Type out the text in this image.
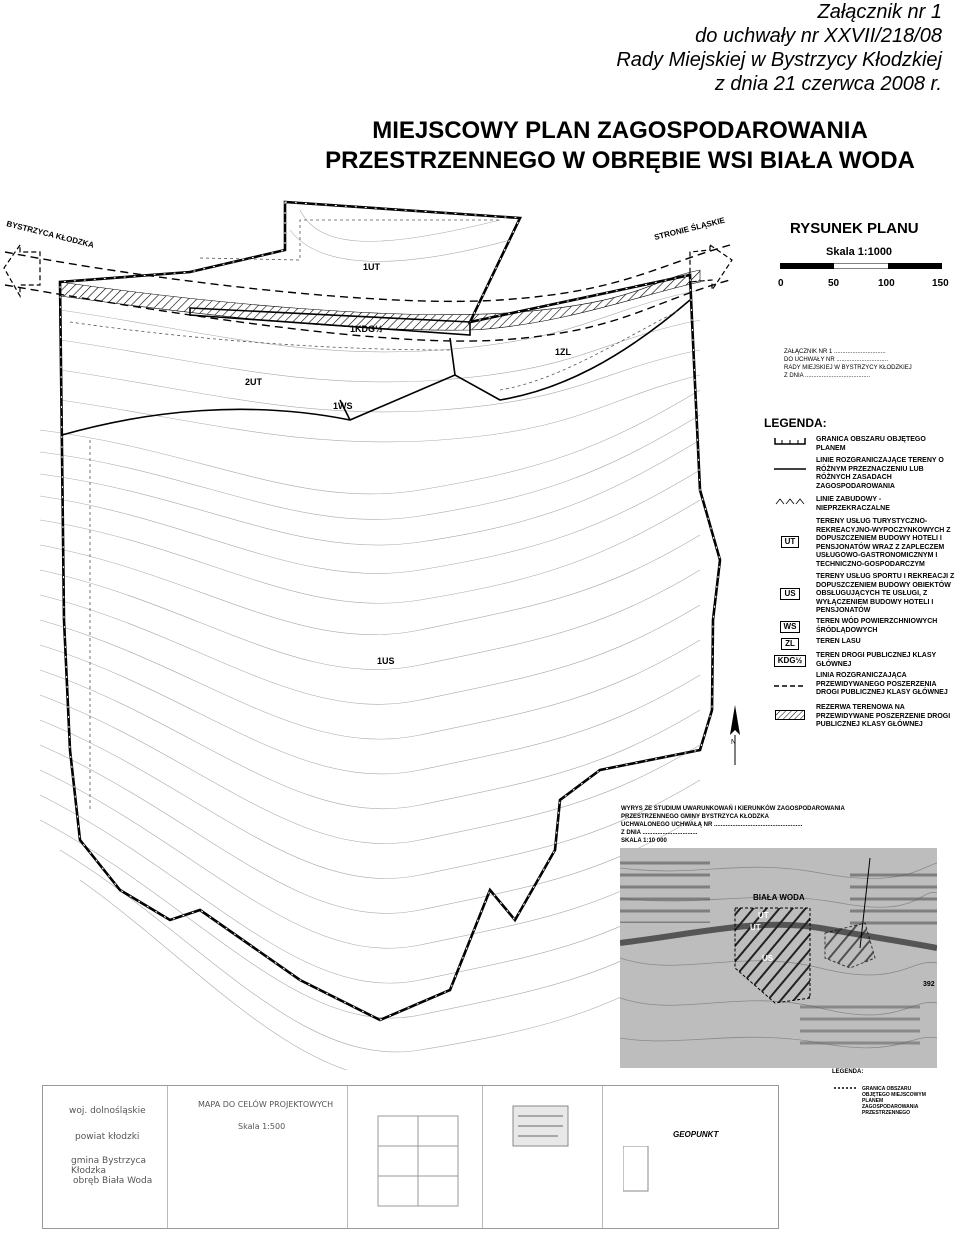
Załącznik nr 1
do uchwały nr XXVII/218/08
Rady Miejskiej w Bystrzycy Kłodzkiej
z dnia 21 czerwca 2008 r.
MIEJSCOWY PLAN ZAGOSPODAROWANIA
PRZESTRZENNEGO W OBRĘBIE WSI BIAŁA WODA
1UT
1KDG½
1ZL
2UT
1WS
1US
BYSTRZYCA KŁODZKA	STRONIE ŚLĄSKIE
N
RYSUNEK PLANU
Skala 1:1000
0	50	100	150
ZAŁĄCZNIK NR 1 ...............................
DO UCHWAŁY NR ...............................
RADY MIEJSKIEJ W BYSTRZYCY KŁODZKIEJ
Z DNIA .......................................
LEGENDA:
GRANICA OBSZARU OBJĘTEGO PLANEM
LINIE ROZGRANICZAJĄCE TERENY O RÓŻNYM PRZEZNACZENIU LUB RÓŻNYCH ZASADACH ZAGOSPODAROWANIA
LINIE ZABUDOWY - NIEPRZEKRACZALNE
UT
TERENY USŁUG TURYSTYCZNO-REKREACYJNO-WYPOCZYNKOWYCH Z DOPUSZCZENIEM BUDOWY HOTELI I PENSJONATÓW WRAZ Z ZAPLECZEM USŁUGOWO-GASTRONOMICZNYM I TECHNICZNO-GOSPODARCZYM
US
TERENY USŁUG SPORTU I REKREACJI Z DOPUSZCZENIEM BUDOWY OBIEKTÓW OBSŁUGUJĄCYCH TE USŁUGI, Z WYŁĄCZENIEM BUDOWY HOTELI I PENSJONATÓW
WS
TEREN WÓD POWIERZCHNIOWYCH ŚRÓDLĄDOWYCH
ZL	TEREN LASU
KDG½
TEREN DROGI PUBLICZNEJ KLASY GŁÓWNEJ
LINIA ROZGRANICZAJĄCA PRZEWIDYWANEGO POSZERZENIA DROGI PUBLICZNEJ KLASY GŁÓWNEJ
REZERWA TERENOWA NA PRZEWIDYWANE POSZERZENIE DROGI PUBLICZNEJ KLASY GŁÓWNEJ
WYRYS ZE STUDIUM UWARUNKOWAŃ I KIERUNKÓW ZAGOSPODAROWANIA
PRZESTRZENNEGO GMINY BYSTRZYCA KŁODZKA
UCHWALONEGO UCHWAŁĄ NR .....................................................
Z DNIA .................................
SKALA 1:10 000
BIAŁA WODA
UT
UT
US
392
LEGENDA:
GRANICA OBSZARU OBJĘTEGO MIEJSCOWYM PLANEM ZAGOSPODAROWANIA PRZESTRZENNEGO
woj. dolnośląskie
powiat kłodzki
gmina Bystrzyca Kłodzka
obręb Biała Woda
MAPA DO CELÓW PROJEKTOWYCH
Skala 1:500
GEOPUNKT
